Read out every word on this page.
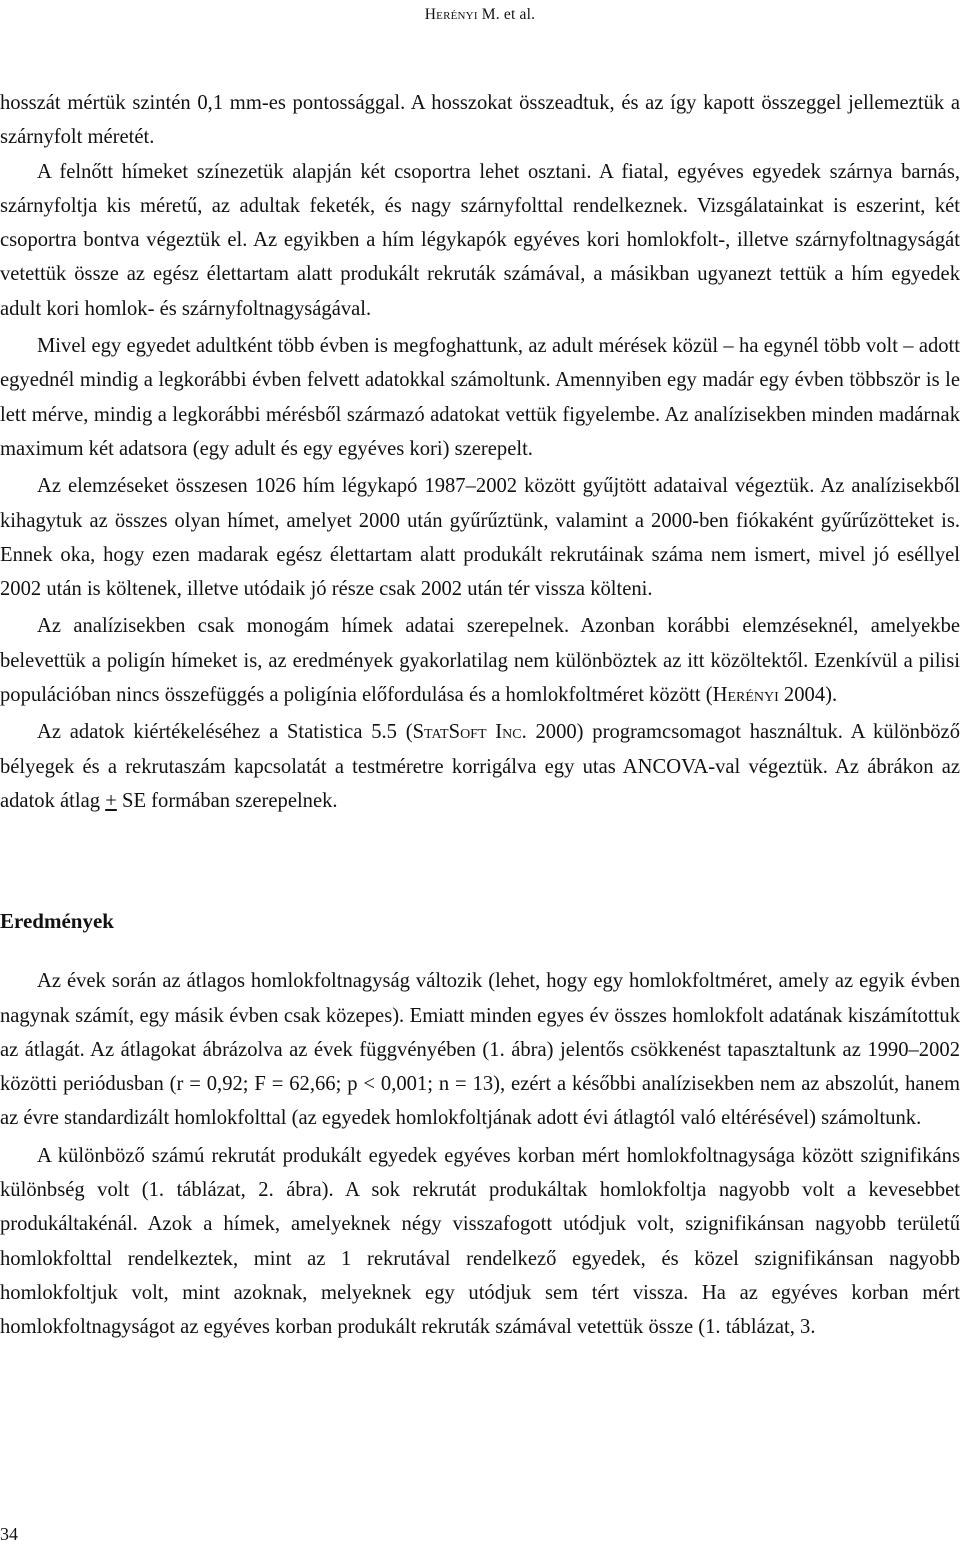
Herényi M. et al.

hosszát mértük szintén 0,1 mm-es pontossággal. A hosszokat összeadtuk, és az így kapott összeggel jellemeztük a szárnyfolt méretét.

A felnőtt hímeket színezetük alapján két csoportra lehet osztani. A fiatal, egyéves egyedek szárnya barnás, szárnyfoltja kis méretű, az adultak feketék, és nagy szárnyfolttal rendelkeznek. Vizsgálatainkat is eszerint, két csoportra bontva végeztük el. Az egyikben a hím légykapók egyéves kori homlokfolt-, illetve szárnyfoltnagyságát vetettük össze az egész élettartam alatt produkált rekruták számával, a másikban ugyanezt tettük a hím egyedek adult kori homlok- és szárnyfoltnagyságával.

Mivel egy egyedet adultként több évben is megfoghattunk, az adult mérések közül – ha egynél több volt – adott egyednél mindig a legkorábbi évben felvett adatokkal számoltunk. Amennyiben egy madár egy évben többször is le lett mérve, mindig a legkorábbi mérésből származó adatokat vettük figyelembe. Az analízisekben minden madárnak maximum két adatsora (egy adult és egy egyéves kori) szerepelt.

Az elemzéseket összesen 1026 hím légykapó 1987–2002 között gyűjtött adataival végeztük. Az analízisekből kihagytuk az összes olyan hímet, amelyet 2000 után gyűrűztünk, valamint a 2000-ben fiókaként gyűrűzötteket is. Ennek oka, hogy ezen madarak egész élettartam alatt produkált rekrutáinak száma nem ismert, mivel jó eséllyel 2002 után is költenek, illetve utódaik jó része csak 2002 után tér vissza költeni.

Az analízisekben csak monogám hímek adatai szerepelnek. Azonban korábbi elemzéseknél, amelyekbe belevettük a poligín hímeket is, az eredmények gyakorlatilag nem különböztek az itt közöltektől. Ezenkívül a pilisi populációban nincs összefüggés a poligínia előfordulása és a homlokfoltméret között (Herényi 2004).

Az adatok kiértékeléséhez a Statistica 5.5 (StatSoft Inc. 2000) programcsomagot használtuk. A különböző bélyegek és a rekrutaszám kapcsolatát a testméretre korrigálva egy utas ANCOVA-val végeztük. Az ábrákon az adatok átlag + SE formában szerepelnek.

Eredmények

Az évek során az átlagos homlokfoltnagyság változik (lehet, hogy egy homlokfoltméret, amely az egyik évben nagynak számít, egy másik évben csak közepes). Emiatt minden egyes év összes homlokfolt adatának kiszámítottuk az átlagát. Az átlagokat ábrázolva az évek függvényében (1. ábra) jelentős csökkenést tapasztaltunk az 1990–2002 közötti periódusban (r = 0,92; F = 62,66; p < 0,001; n = 13), ezért a későbbi analízisekben nem az abszolút, hanem az évre standardizált homlokfolttal (az egyedek homlokfoltjának adott évi átlagtól való eltérésével) számoltunk.

A különböző számú rekrutát produkált egyedek egyéves korban mért homlokfoltnagysága között szignifikáns különbség volt (1. táblázat, 2. ábra). A sok rekrutát produkáltak homlokfoltja nagyobb volt a kevesebbet produkáltakénál. Azok a hímek, amelyeknek négy visszafogott utódjuk volt, szignifikánsan nagyobb területű homlokfolttal rendelkeztek, mint az 1 rekrutával rendelkező egyedek, és közel szignifikánsan nagyobb homlokfoltjuk volt, mint azoknak, melyeknek egy utódjuk sem tért vissza. Ha az egyéves korban mért homlokfoltnagyságot az egyéves korban produkált rekruták számával vetettük össze (1. táblázat, 3.

34
